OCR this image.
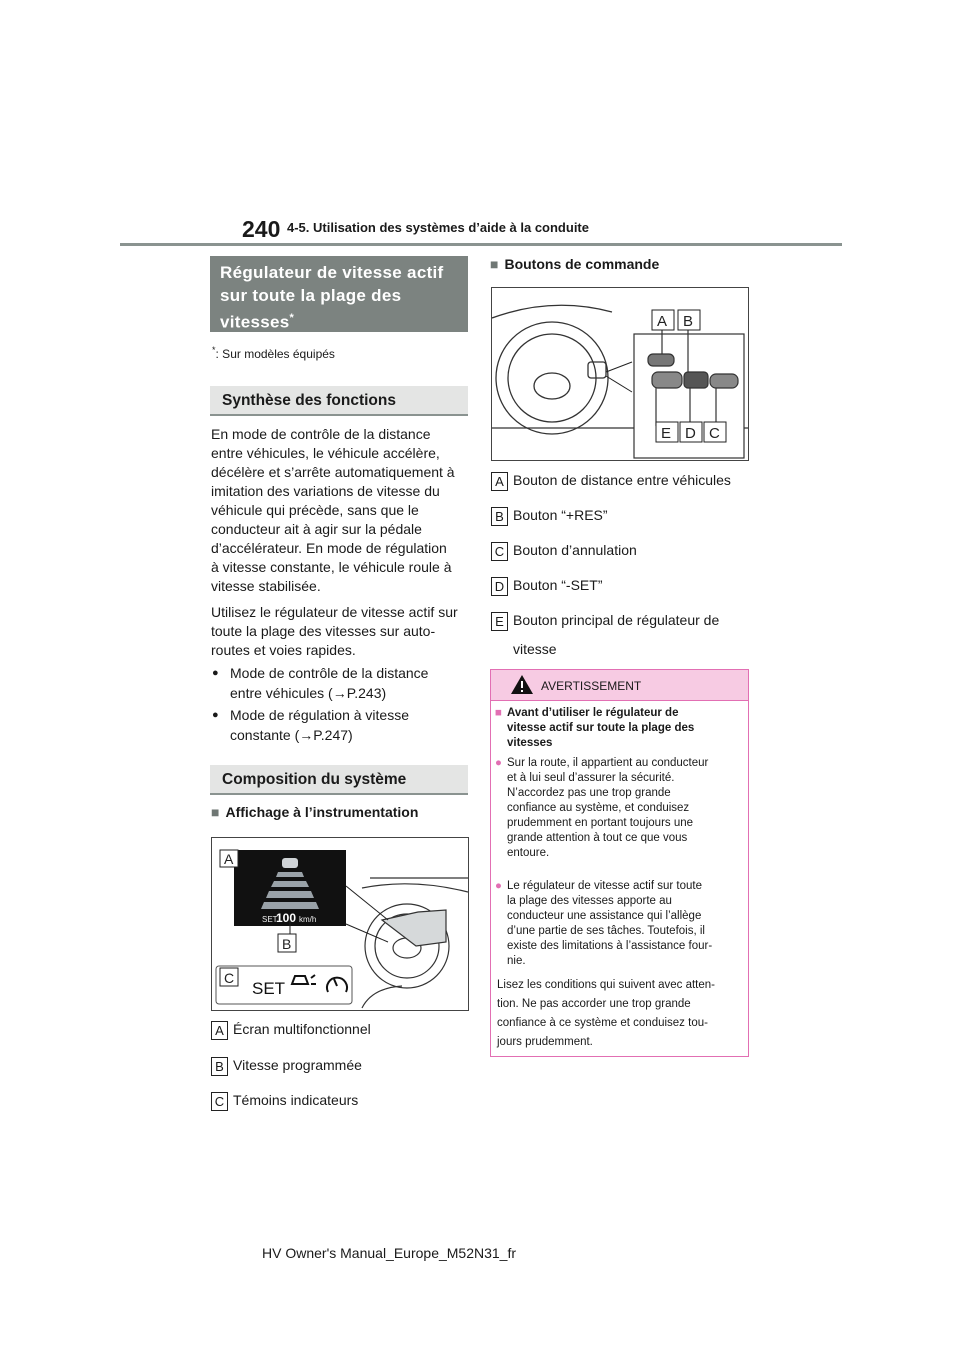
240 4-5. Utilisation des systèmes d’aide à la conduite
Régulateur de vitesse actif
sur toute la plage des
vitesses*
*: Sur modèles équipés
Synthèse des fonctions
En mode de contrôle de la distance
entre véhicules, le véhicule accélère,
décélère et s’arrête automatiquement à
imitation des variations de vitesse du
véhicule qui précède, sans que le
conducteur ait à agir sur la pédale
d’accélérateur. En mode de régulation
à vitesse constante, le véhicule roule à
vitesse stabilisée.
Utilisez le régulateur de vitesse actif sur
toute la plage des vitesses sur auto-
routes et voies rapides.
● Mode de contrôle de la distance
entre véhicules (→P.243)
● Mode de régulation à vitesse
constante (→P.247)
Composition du système
■ Affichage à l’instrumentation
SET
100 km/h
A
B
C
SET
A Écran multifonctionnel
B Vitesse programmée
C Témoins indicateurs
■ Boutons de commande
A B
E D C
A Bouton de distance entre véhicules
B Bouton “+RES”
C Bouton d’annulation
D Bouton “-SET”
E Bouton principal de régulateur de
vitesse
AVERTISSEMENT
■ Avant d’utiliser le régulateur de
vitesse actif sur toute la plage des
vitesses
● Sur la route, il appartient au conducteur
et à lui seul d’assurer la sécurité.
N’accordez pas une trop grande
confiance au système, et conduisez
prudemment en portant toujours une
grande attention à tout ce que vous
entoure.
● Le régulateur de vitesse actif sur toute
la plage des vitesses apporte au
conducteur une assistance qui l’allège
d’une partie de ses tâches. Toutefois, il
existe des limitations à l’assistance four-
nie.
Lisez les conditions qui suivent avec atten-
tion. Ne pas accorder une trop grande
confiance à ce système et conduisez tou-
jours prudemment.
HV Owner's Manual_Europe_M52N31_fr
